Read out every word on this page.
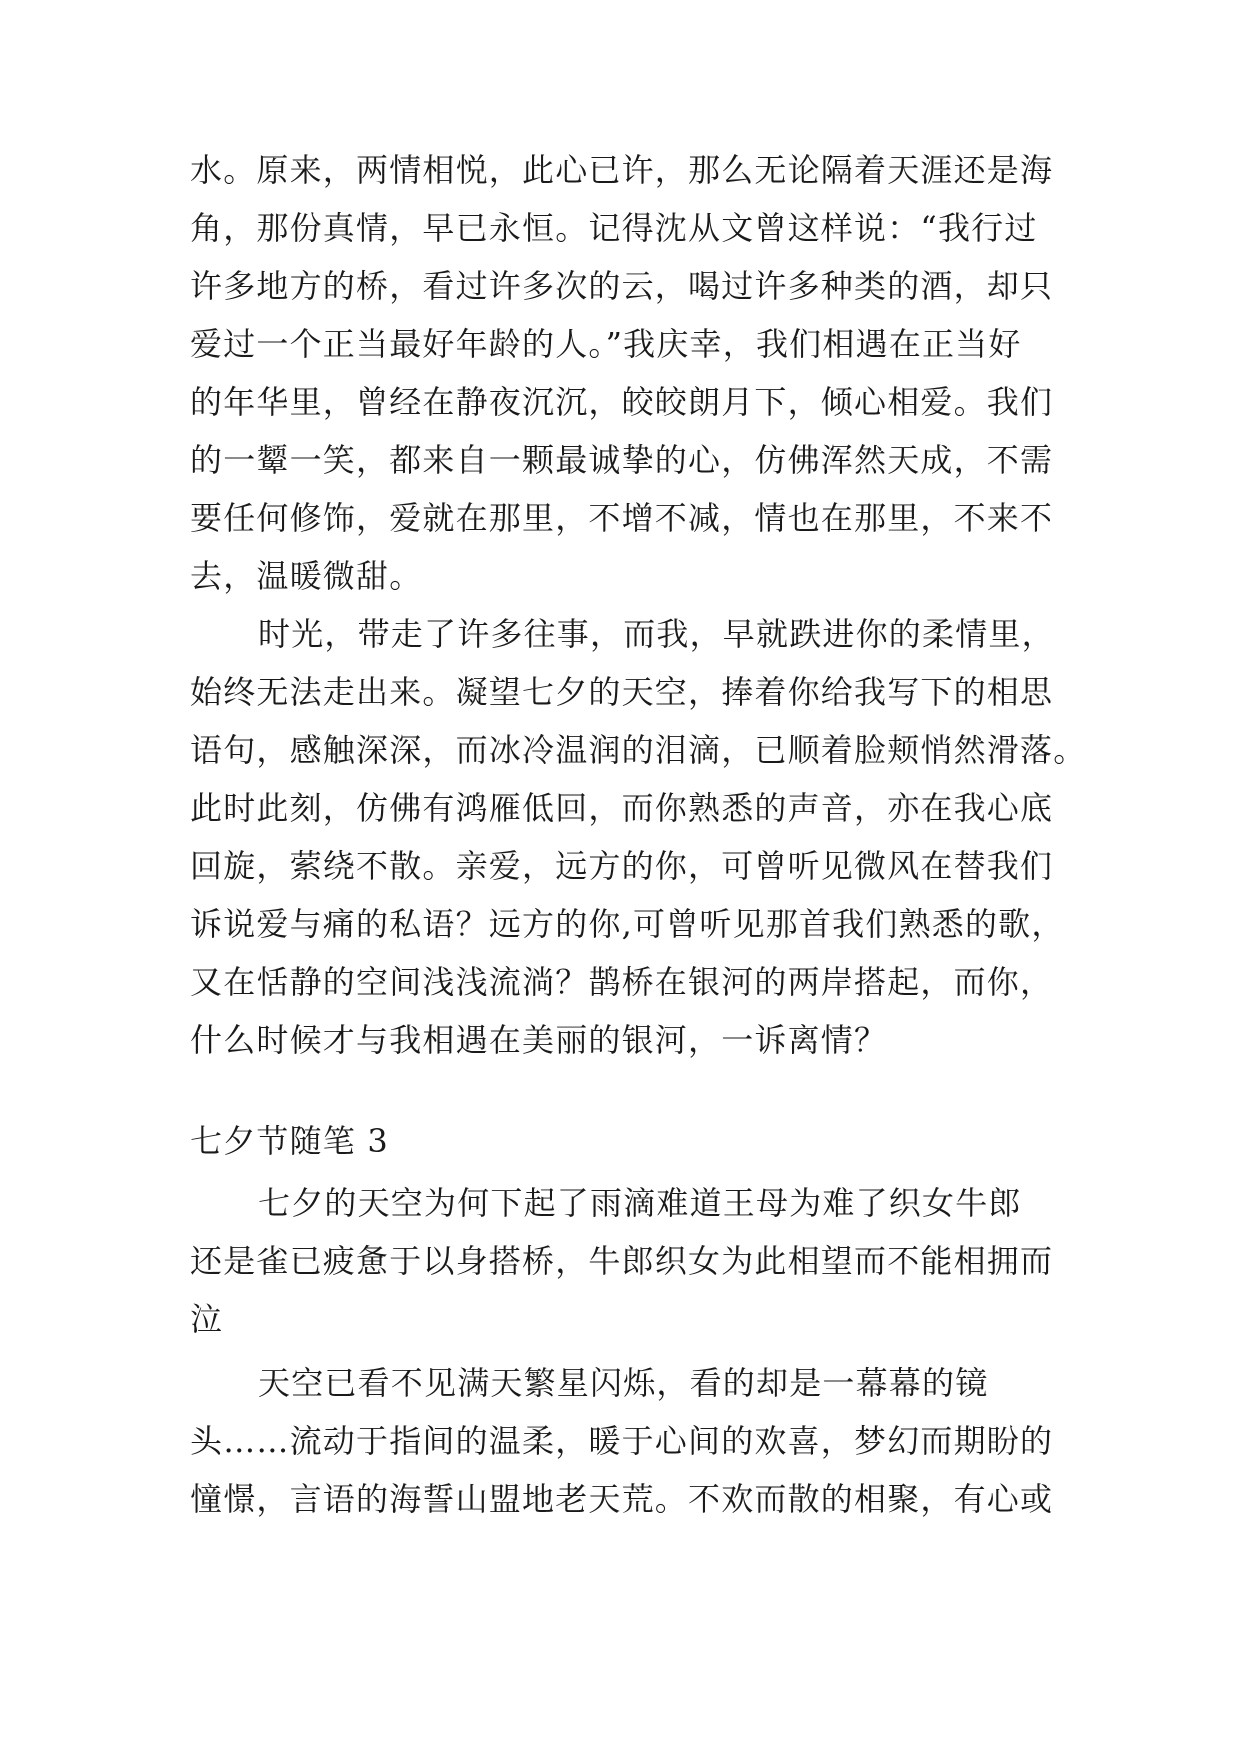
水。原来，两情相悦，此心已许，那么无论隔着天涯还是海
角，那份真情，早已永恒。记得沈从文曾这样说：“我行过
许多地方的桥，看过许多次的云，喝过许多种类的酒，却只
爱过一个正当最好年龄的人。”我庆幸，我们相遇在正当好
的年华里，曾经在静夜沉沉，皎皎朗月下，倾心相爱。我们
的一颦一笑，都来自一颗最诚挚的心，仿佛浑然天成，不需
要任何修饰，爱就在那里，不增不减，情也在那里，不来不
去，温暖微甜。
时光，带走了许多往事，而我，早就跌进你的柔情里，
始终无法走出来。凝望七夕的天空，捧着你给我写下的相思
语句，感触深深，而冰冷温润的泪滴，已顺着脸颊悄然滑落。
此时此刻，仿佛有鸿雁低回，而你熟悉的声音，亦在我心底
回旋，萦绕不散。亲爱，远方的你，可曾听见微风在替我们
诉说爱与痛的私语？远方的你,可曾听见那首我们熟悉的歌，
又在恬静的空间浅浅流淌？鹊桥在银河的两岸搭起，而你，
什么时候才与我相遇在美丽的银河，一诉离情？
七夕节随笔 3
七夕的天空为何下起了雨滴难道王母为难了织女牛郎
还是雀已疲惫于以身搭桥，牛郎织女为此相望而不能相拥而
泣
天空已看不见满天繁星闪烁，看的却是一幕幕的镜
头……流动于指间的温柔，暖于心间的欢喜，梦幻而期盼的
憧憬，言语的海誓山盟地老天荒。不欢而散的相聚，有心或
